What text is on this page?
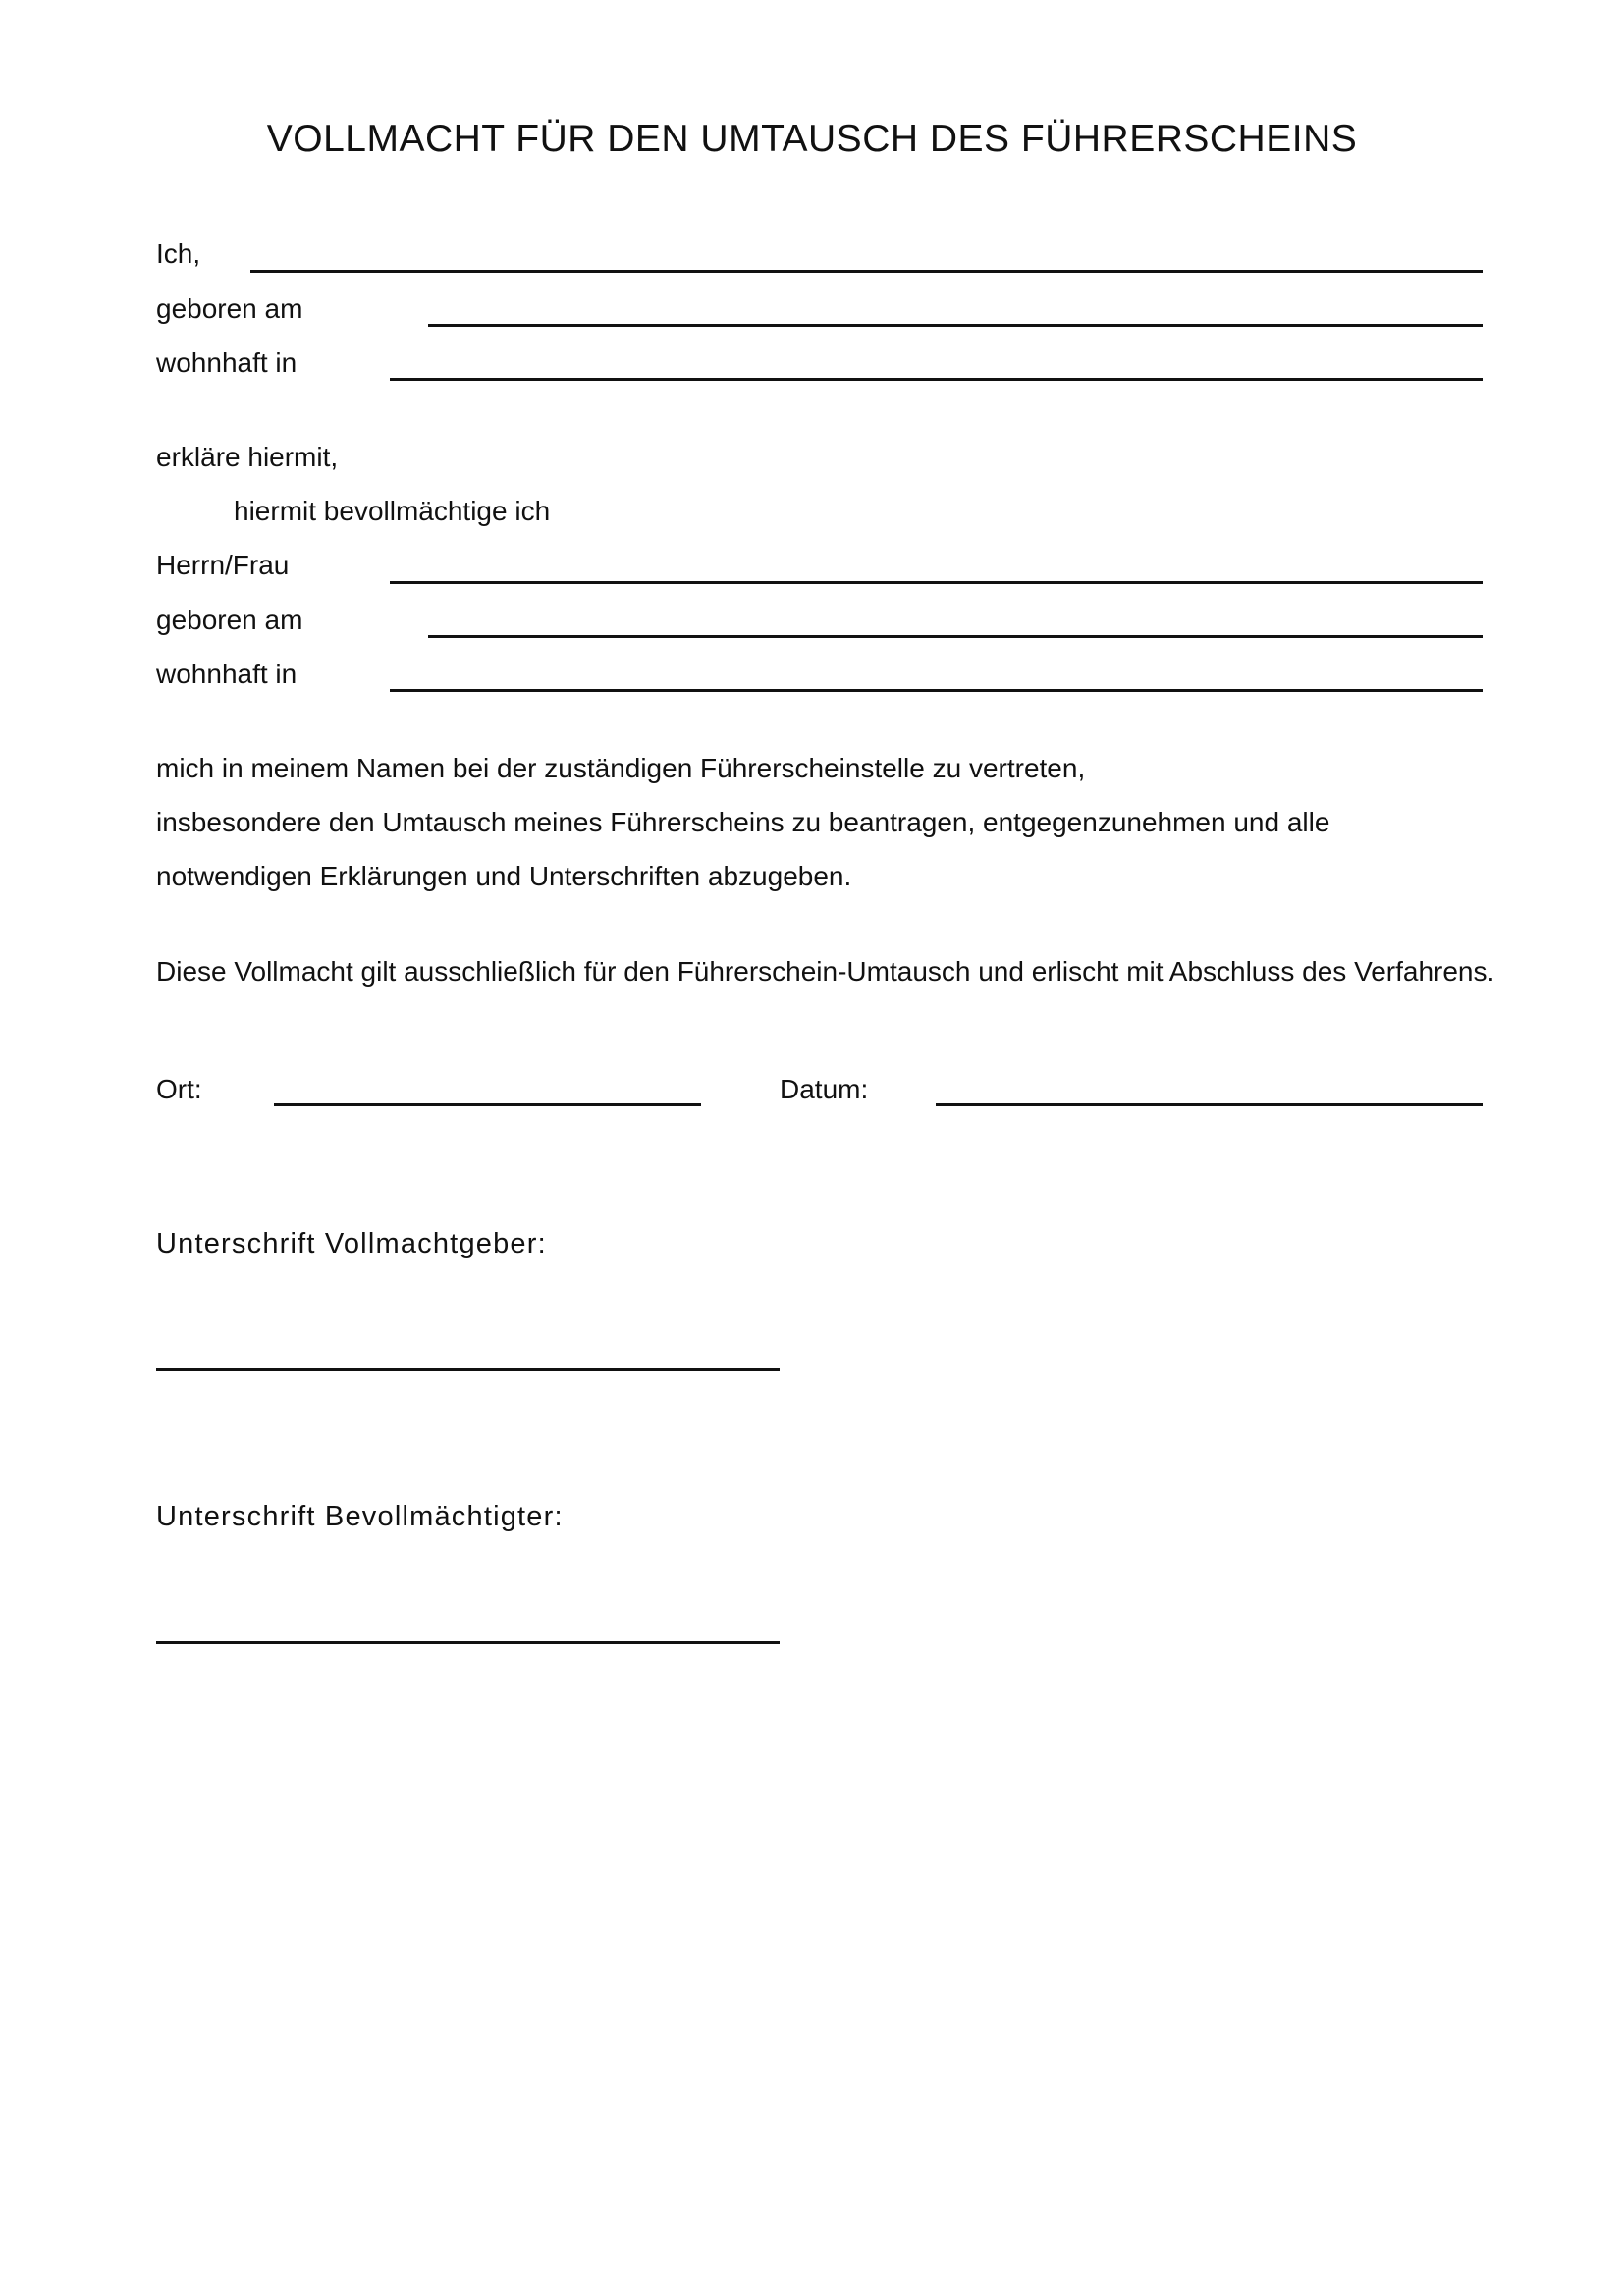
VOLLMACHT FÜR DEN UMTAUSCH DES FÜHRERSCHEINS
Ich,
geboren am
wohnhaft in
erkläre hiermit,
hiermit bevollmächtige ich
Herrn/Frau
geboren am
wohnhaft in
mich in meinem Namen bei der zuständigen Führerscheinstelle zu vertreten,
insbesondere den Umtausch meines Führerscheins zu beantragen, entgegenzunehmen und alle
notwendigen Erklärungen und Unterschriften abzugeben.
Diese Vollmacht gilt ausschließlich für den Führerschein-Umtausch und erlischt mit Abschluss des Verfahrens.
Ort:	Datum:
Unterschrift Vollmachtgeber:
Unterschrift Bevollmächtigter:
